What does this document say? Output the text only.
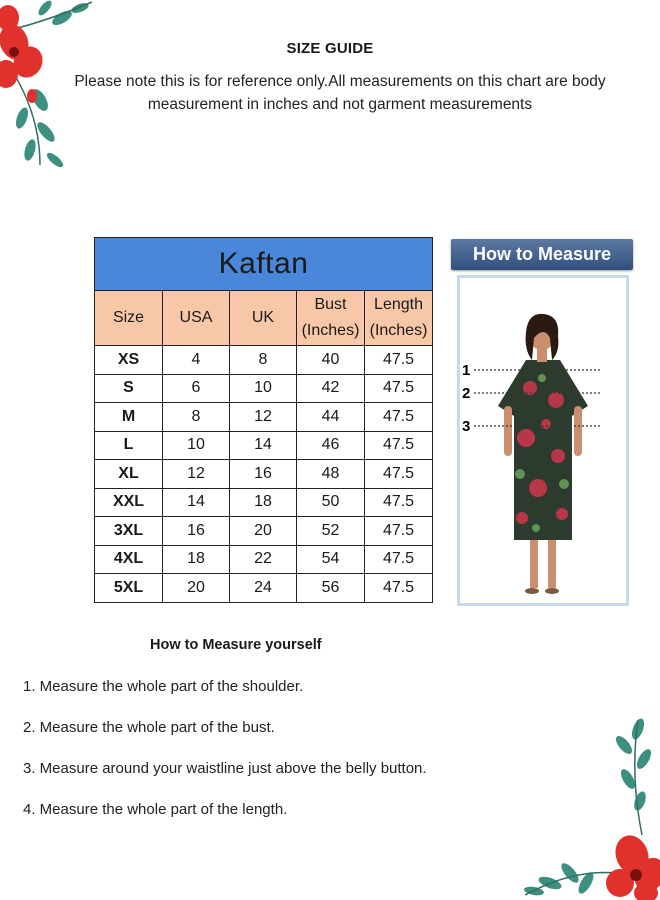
SIZE GUIDE
Please note this is for reference only.All measurements on this chart are body measurement in inches and not garment measurements
Kaftan				
Size	USA	UK	Bust (Inches)	Length (Inches)
XS	4	8	40	47.5
S	6	10	42	47.5
M	8	12	44	47.5
L	10	14	46	47.5
XL	12	16	48	47.5
XXL	14	18	50	47.5
3XL	16	20	52	47.5
4XL	18	22	54	47.5
5XL	20	24	56	47.5
How to Measure
1
2
3
How to Measure yourself
1. Measure the whole part of the shoulder.
2. Measure the whole part of the bust.
3. Measure around your waistline just above the belly button.
4. Measure the whole part of the length.
